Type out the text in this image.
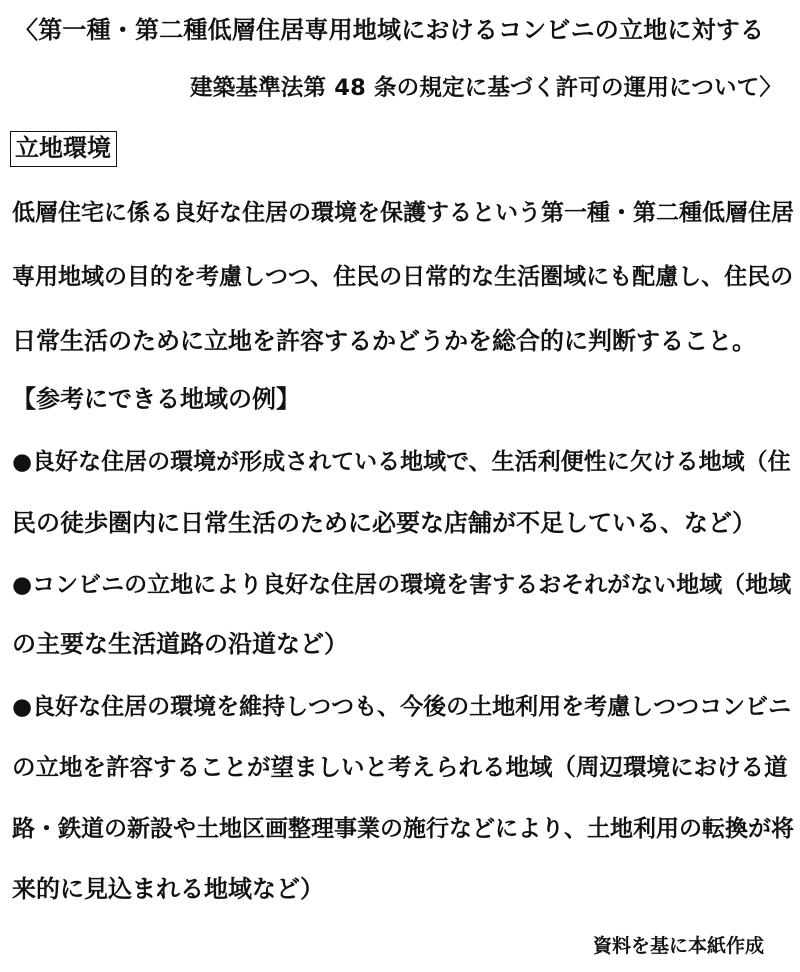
〈第一種・第二種低層住居専用地域におけるコンビニの立地に対する
建築基準法第 48 条の規定に基づく許可の運用について〉
立地環境
低層住宅に係る良好な住居の環境を保護するという第一種・第二種低層住居
専用地域の目的を考慮しつつ、住民の日常的な生活圏域にも配慮し、住民の
日常生活のために立地を許容するかどうかを総合的に判断すること。
【参考にできる地域の例】
●良好な住居の環境が形成されている地域で、生活利便性に欠ける地域（住
民の徒歩圏内に日常生活のために必要な店舗が不足している、など）
●コンビニの立地により良好な住居の環境を害するおそれがない地域（地域
の主要な生活道路の沿道など）
●良好な住居の環境を維持しつつも、今後の土地利用を考慮しつつコンビニ
の立地を許容することが望ましいと考えられる地域（周辺環境における道
路・鉄道の新設や土地区画整理事業の施行などにより、土地利用の転換が将
来的に見込まれる地域など）
資料を基に本紙作成
